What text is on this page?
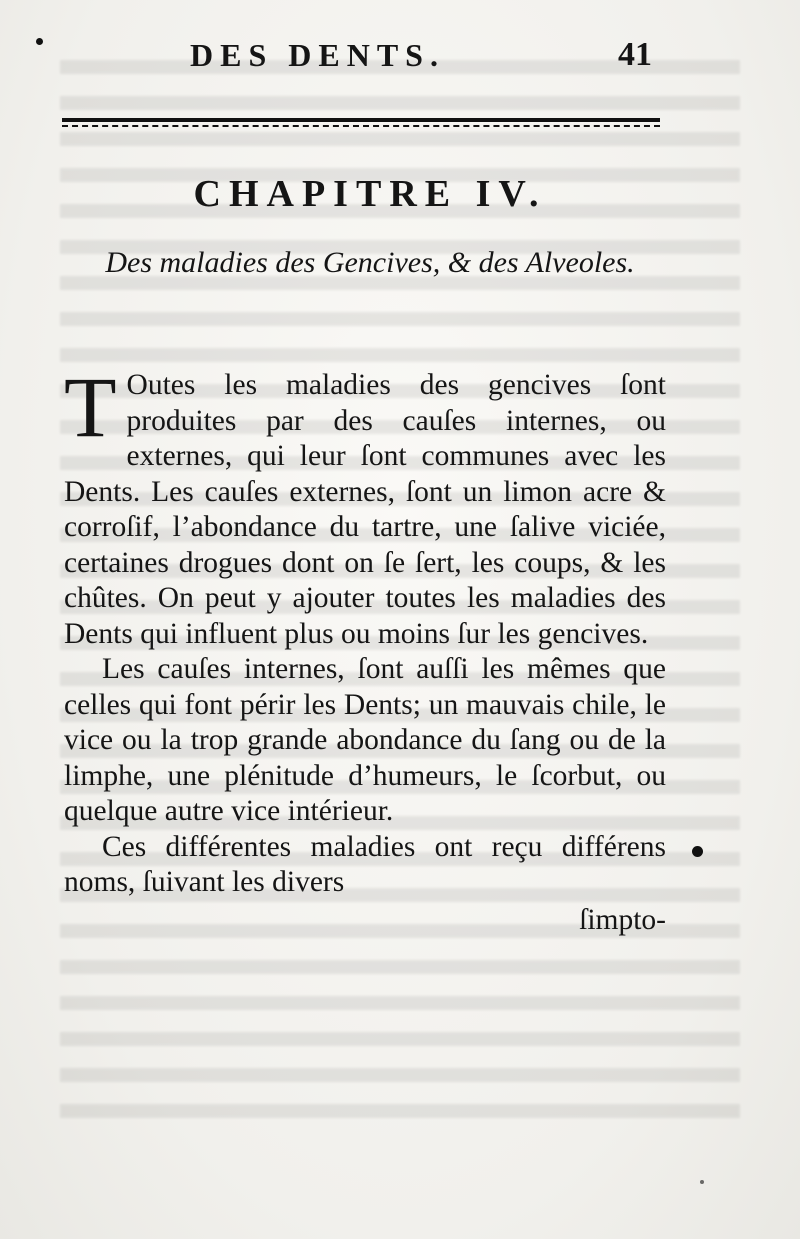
DES DENTS.	41
CHAPITRE IV.
Des maladies des Gencives, & des Alveoles.

T Outes les maladies des gencives ſont produites par des cauſes internes, ou externes, qui leur ſont communes avec les Dents. Les cauſes externes, ſont un limon acre & corroſif, l’abondance du tartre, une ſalive viciée, certaines drogues dont on ſe ſert, les coups, & les chûtes. On peut y ajouter toutes les maladies des Dents qui influent plus ou moins ſur les gencives.

Les cauſes internes, ſont auſſi les mêmes que celles qui font périr les Dents; un mauvais chile, le vice ou la trop grande abondance du ſang ou de la limphe, une plénitude d’humeurs, le ſcorbut, ou quelque autre vice intérieur.

Ces différentes maladies ont reçu différens noms, ſuivant les divers

ſimpto-
